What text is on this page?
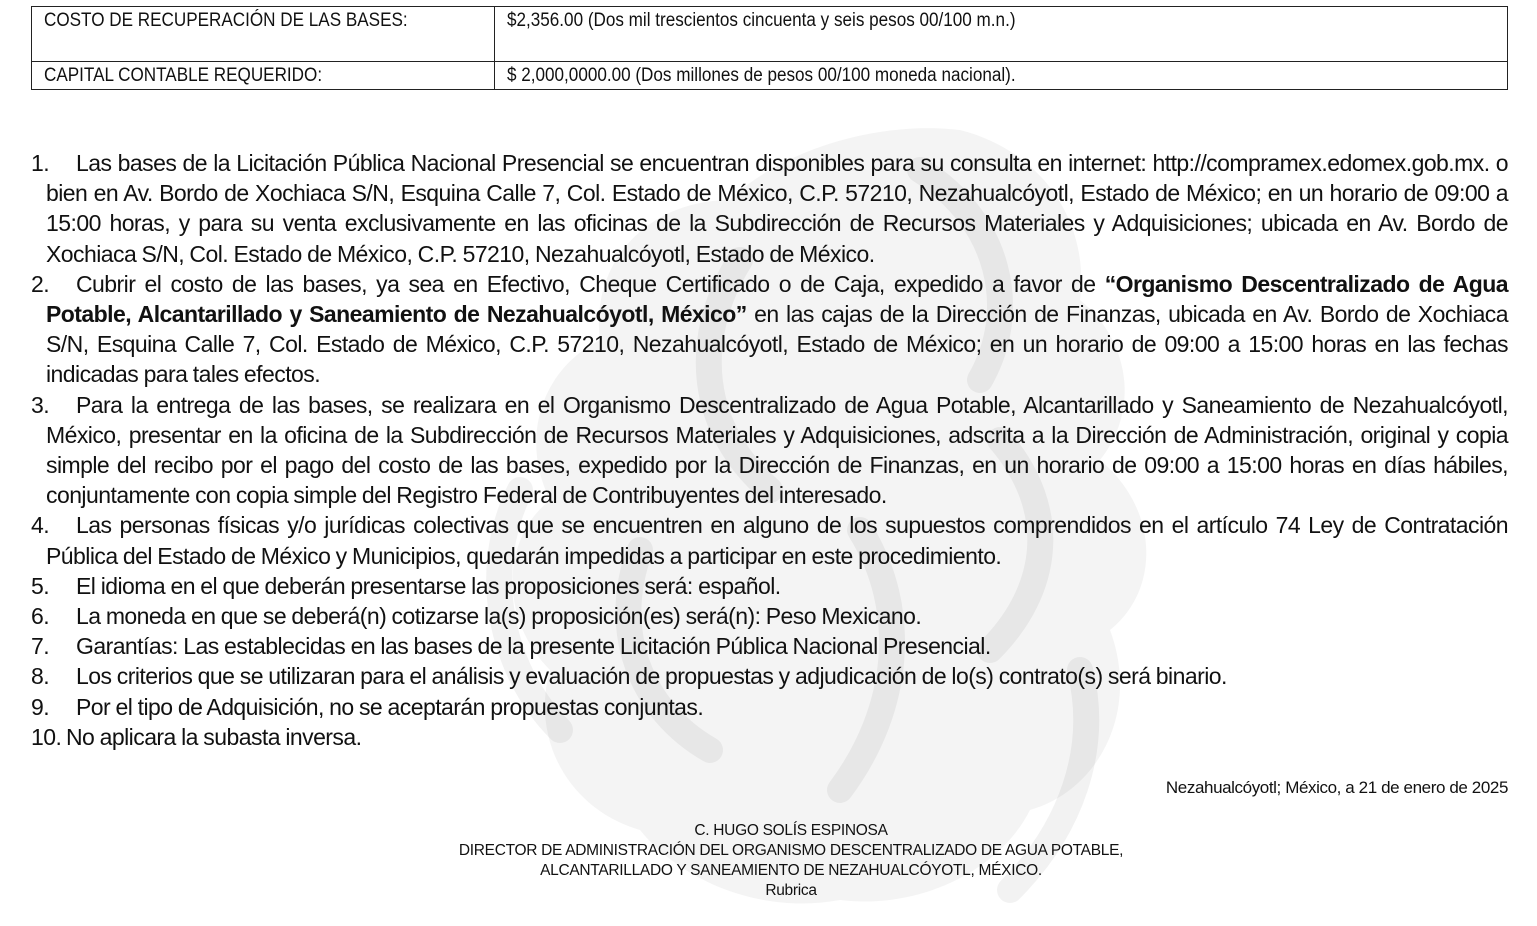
COSTO DE RECUPERACIÓN DE LAS BASES:	$2,356.00 (Dos mil trescientos cincuenta y seis pesos 00/100 m.n.)
CAPITAL CONTABLE REQUERIDO:	$ 2,000,0000.00 (Dos millones de pesos 00/100 moneda nacional).
1.	Las bases de la Licitación Pública Nacional Presencial se encuentran disponibles para su consulta en internet: http://compramex.edomex.gob.mx. o bien en Av. Bordo de Xochiaca S/N, Esquina Calle 7, Col. Estado de México, C.P. 57210, Nezahualcóyotl, Estado de México; en un horario de 09:00 a 15:00 horas, y para su venta exclusivamente en las oficinas de la Subdirección de Recursos Materiales y Adquisiciones; ubicada en Av. Bordo de Xochiaca S/N, Col. Estado de México, C.P. 57210, Nezahualcóyotl, Estado de México.
2.	Cubrir el costo de las bases, ya sea en Efectivo, Cheque Certificado o de Caja, expedido a favor de “Organismo Descentralizado de Agua Potable, Alcantarillado y Saneamiento de Nezahualcóyotl, México” en las cajas de la Dirección de Finanzas, ubicada en Av. Bordo de Xochiaca S/N, Esquina Calle 7, Col. Estado de México, C.P. 57210, Nezahualcóyotl, Estado de México; en un horario de 09:00 a 15:00 horas en las fechas indicadas para tales efectos.
3.	Para la entrega de las bases, se realizara en el Organismo Descentralizado de Agua Potable, Alcantarillado y Saneamiento de Nezahualcóyotl, México, presentar en la oficina de la Subdirección de Recursos Materiales y Adquisiciones, adscrita a la Dirección de Administración, original y copia simple del recibo por el pago del costo de las bases, expedido por la Dirección de Finanzas, en un horario de 09:00 a 15:00 horas en días hábiles, conjuntamente con copia simple del Registro Federal de Contribuyentes del interesado.
4.	Las personas físicas y/o jurídicas colectivas que se encuentren en alguno de los supuestos comprendidos en el artículo 74 Ley de Contratación Pública del Estado de México y Municipios, quedarán impedidas a participar en este procedimiento.
5.	El idioma en el que deberán presentarse las proposiciones será: español.
6.	La moneda en que se deberá(n) cotizarse la(s) proposición(es) será(n): Peso Mexicano.
7.	Garantías: Las establecidas en las bases de la presente Licitación Pública Nacional Presencial.
8.	Los criterios que se utilizaran para el análisis y evaluación de propuestas y adjudicación de lo(s) contrato(s) será binario.
9.	Por el tipo de Adquisición, no se aceptarán propuestas conjuntas.
10. No aplicara la subasta inversa.
Nezahualcóyotl; México, a 21 de enero de 2025
C. HUGO SOLÍS ESPINOSA
DIRECTOR DE ADMINISTRACIÓN DEL ORGANISMO DESCENTRALIZADO DE AGUA POTABLE,
ALCANTARILLADO Y SANEAMIENTO DE NEZAHUALCÓYOTL, MÉXICO.
Rubrica
